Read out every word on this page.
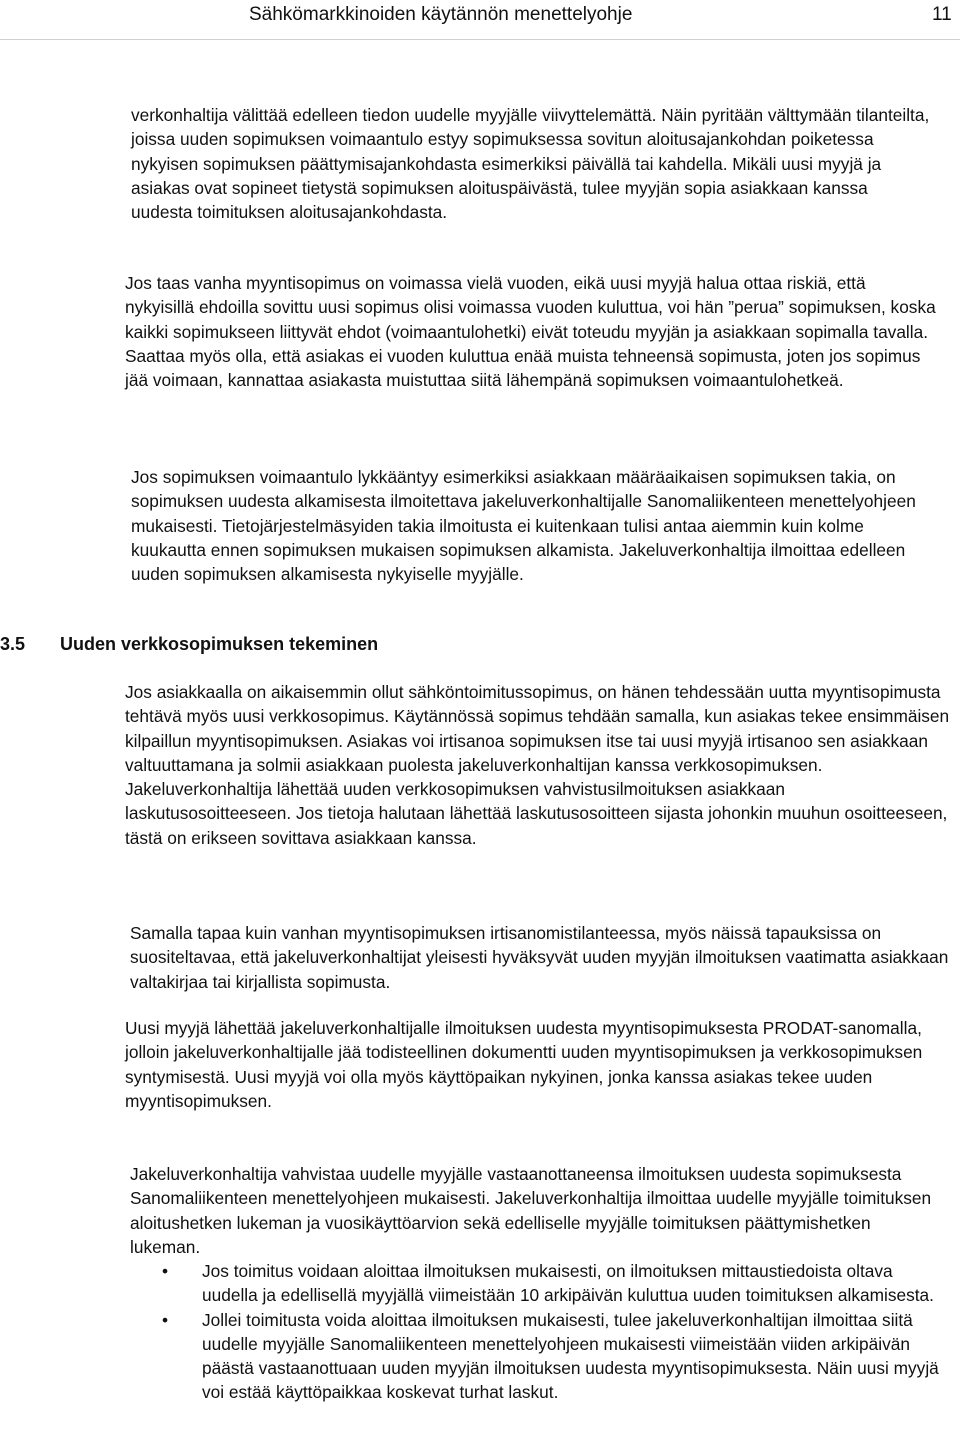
Sähkömarkkinoiden käytännön menettelyohje	11

verkonhaltija välittää edelleen tiedon uudelle myyjälle viivyttelemättä. Näin pyritään välttymään tilanteilta, joissa uuden sopimuksen voimaantulo estyy sopimuksessa sovitun aloitusajankohdan poiketessa nykyisen sopimuksen päättymisajankohdasta esimerkiksi päivällä tai kahdella. Mikäli uusi myyjä ja asiakas ovat sopineet tietystä sopimuksen aloituspäivästä, tulee myyjän sopia asiakkaan kanssa uudesta toimituksen aloitusajankohdasta.

Jos taas vanha myyntisopimus on voimassa vielä vuoden, eikä uusi myyjä halua ottaa riskiä, että nykyisillä ehdoilla sovittu uusi sopimus olisi voimassa vuoden kuluttua, voi hän ”perua” sopimuksen, koska kaikki sopimukseen liittyvät ehdot (voimaantulohetki) eivät toteudu myyjän ja asiakkaan sopimalla tavalla. Saattaa myös olla, että asiakas ei vuoden kuluttua enää muista tehneensä sopimusta, joten jos sopimus jää voimaan, kannattaa asiakasta muistuttaa siitä lähempänä sopimuksen voimaantulohetkeä.

Jos sopimuksen voimaantulo lykkääntyy esimerkiksi asiakkaan määräaikaisen sopimuksen takia, on sopimuksen uudesta alkamisesta ilmoitettava jakeluverkonhaltijalle Sanomaliikenteen menettelyohjeen mukaisesti. Tietojärjestelmäsyiden takia ilmoitusta ei kuitenkaan tulisi antaa aiemmin kuin kolme kuukautta ennen sopimuksen mukaisen sopimuksen alkamista. Jakeluverkonhaltija ilmoittaa edelleen uuden sopimuksen alkamisesta nykyiselle myyjälle.

3.5 Uuden verkkosopimuksen tekeminen

Jos asiakkaalla on aikaisemmin ollut sähköntoimitussopimus, on hänen tehdessään uutta myyntisopimusta tehtävä myös uusi verkkosopimus. Käytännössä sopimus tehdään samalla, kun asiakas tekee ensimmäisen kilpaillun myyntisopimuksen. Asiakas voi irtisanoa sopimuksen itse tai uusi myyjä irtisanoo sen asiakkaan valtuuttamana ja solmii asiakkaan puolesta jakeluverkonhaltijan kanssa verkkosopimuksen. Jakeluverkonhaltija lähettää uuden verkkosopimuksen vahvistusilmoituksen asiakkaan laskutusosoitteeseen. Jos tietoja halutaan lähettää laskutusosoitteen sijasta johonkin muuhun osoitteeseen, tästä on erikseen sovittava asiakkaan kanssa.

Samalla tapaa kuin vanhan myyntisopimuksen irtisanomistilanteessa, myös näissä tapauksissa on suositeltavaa, että jakeluverkonhaltijat yleisesti hyväksyvät uuden myyjän ilmoituksen vaatimatta asiakkaan valtakirjaa tai kirjallista sopimusta.

Uusi myyjä lähettää jakeluverkonhaltijalle ilmoituksen uudesta myyntisopimuksesta PRODAT-sanomalla, jolloin jakeluverkonhaltijalle jää todisteellinen dokumentti uuden myyntisopimuksen ja verkkosopimuksen syntymisestä. Uusi myyjä voi olla myös käyttöpaikan nykyinen, jonka kanssa asiakas tekee uuden myyntisopimuksen.

Jakeluverkonhaltija vahvistaa uudelle myyjälle vastaanottaneensa ilmoituksen uudesta sopimuksesta Sanomaliikenteen menettelyohjeen mukaisesti. Jakeluverkonhaltija ilmoittaa uudelle myyjälle toimituksen aloitushetken lukeman ja vuosikäyttöarvion sekä edelliselle myyjälle toimituksen päättymishetken lukeman.

• Jos toimitus voidaan aloittaa ilmoituksen mukaisesti, on ilmoituksen mittaustiedoista oltava uudella ja edellisellä myyjällä viimeistään 10 arkipäivän kuluttua uuden toimituksen alkamisesta.
• Jollei toimitusta voida aloittaa ilmoituksen mukaisesti, tulee jakeluverkonhaltijan ilmoittaa siitä uudelle myyjälle Sanomaliikenteen menettelyohjeen mukaisesti viimeistään viiden arkipäivän päästä vastaanottuaan uuden myyjän ilmoituksen uudesta myyntisopimuksesta. Näin uusi myyjä voi estää käyttöpaikkaa koskevat turhat laskut.
